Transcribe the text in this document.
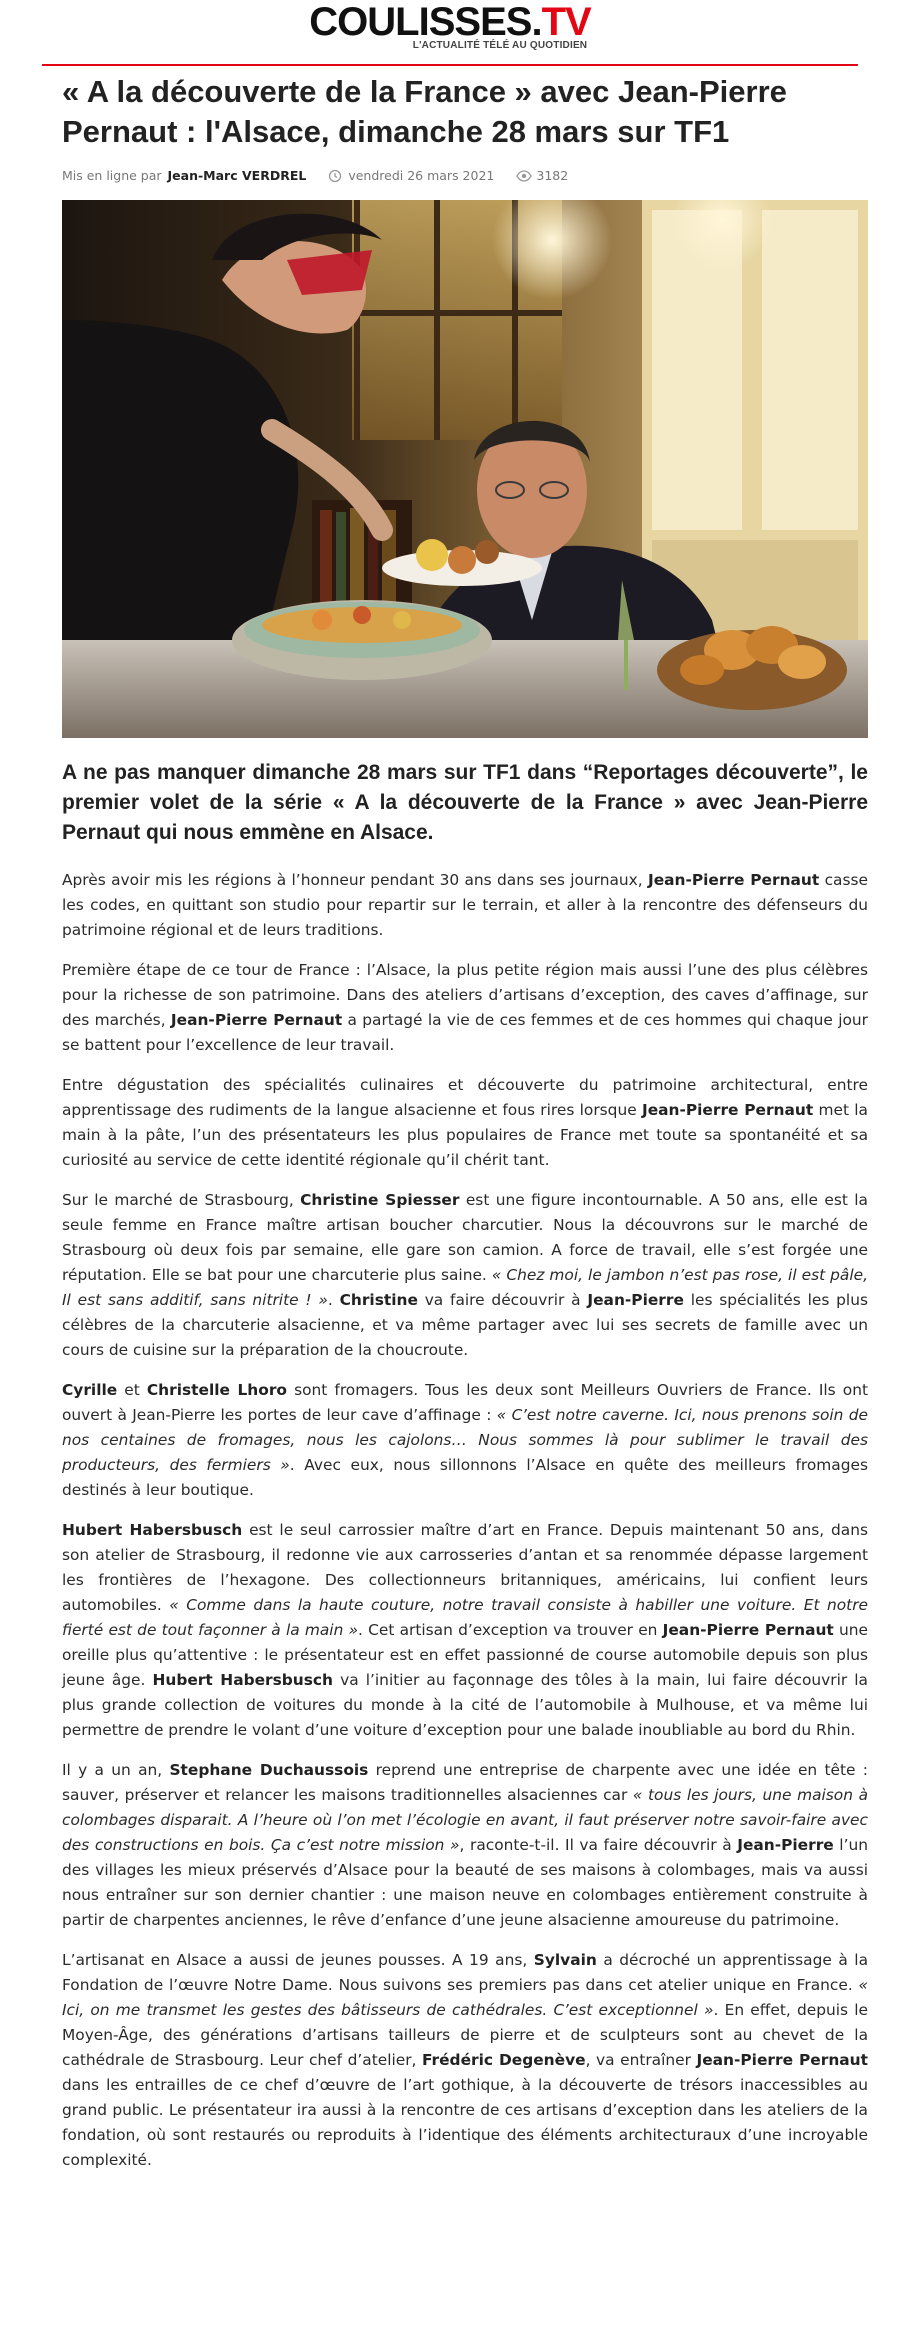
COULISSES.TV
L'ACTUALITÉ TÉLÉ AU QUOTIDIEN
« A la découverte de la France » avec Jean-Pierre Pernaut : l'Alsace, dimanche 28 mars sur TF1
Mis en ligne par Jean-Marc VERDREL	vendredi 26 mars 2021	3182

A ne pas manquer dimanche 28 mars sur TF1 dans “Reportages découverte”, le premier volet de la série « A la découverte de la France » avec Jean-Pierre Pernaut qui nous emmène en Alsace.

Après avoir mis les régions à l’honneur pendant 30 ans dans ses journaux, Jean-Pierre Pernaut casse les codes, en quittant son studio pour repartir sur le terrain, et aller à la rencontre des défenseurs du patrimoine régional et de leurs traditions.

Première étape de ce tour de France : l’Alsace, la plus petite région mais aussi l’une des plus célèbres pour la richesse de son patrimoine. Dans des ateliers d’artisans d’exception, des caves d’affinage, sur des marchés, Jean-Pierre Pernaut a partagé la vie de ces femmes et de ces hommes qui chaque jour se battent pour l’excellence de leur travail.

Entre dégustation des spécialités culinaires et découverte du patrimoine architectural, entre apprentissage des rudiments de la langue alsacienne et fous rires lorsque Jean-Pierre Pernaut met la main à la pâte, l’un des présentateurs les plus populaires de France met toute sa spontanéité et sa curiosité au service de cette identité régionale qu’il chérit tant.

Sur le marché de Strasbourg, Christine Spiesser est une figure incontournable. A 50 ans, elle est la seule femme en France maître artisan boucher charcutier. Nous la découvrons sur le marché de Strasbourg où deux fois par semaine, elle gare son camion. A force de travail, elle s’est forgée une réputation. Elle se bat pour une charcuterie plus saine. « Chez moi, le jambon n’est pas rose, il est pâle, Il est sans additif, sans nitrite ! ». Christine va faire découvrir à Jean-Pierre les spécialités les plus célèbres de la charcuterie alsacienne, et va même partager avec lui ses secrets de famille avec un cours de cuisine sur la préparation de la choucroute.

Cyrille et Christelle Lhoro sont fromagers. Tous les deux sont Meilleurs Ouvriers de France. Ils ont ouvert à Jean-Pierre les portes de leur cave d’affinage : « C’est notre caverne. Ici, nous prenons soin de nos centaines de fromages, nous les cajolons… Nous sommes là pour sublimer le travail des producteurs, des fermiers ». Avec eux, nous sillonnons l’Alsace en quête des meilleurs fromages destinés à leur boutique.

Hubert Habersbusch est le seul carrossier maître d’art en France. Depuis maintenant 50 ans, dans son atelier de Strasbourg, il redonne vie aux carrosseries d’antan et sa renommée dépasse largement les frontières de l’hexagone. Des collectionneurs britanniques, américains, lui confient leurs automobiles. « Comme dans la haute couture, notre travail consiste à habiller une voiture. Et notre fierté est de tout façonner à la main ». Cet artisan d’exception va trouver en Jean-Pierre Pernaut une oreille plus qu’attentive : le présentateur est en effet passionné de course automobile depuis son plus jeune âge. Hubert Habersbusch va l’initier au façonnage des tôles à la main, lui faire découvrir la plus grande collection de voitures du monde à la cité de l’automobile à Mulhouse, et va même lui permettre de prendre le volant d’une voiture d’exception pour une balade inoubliable au bord du Rhin.

Il y a un an, Stephane Duchaussois reprend une entreprise de charpente avec une idée en tête : sauver, préserver et relancer les maisons traditionnelles alsaciennes car « tous les jours, une maison à colombages disparait. A l’heure où l’on met l’écologie en avant, il faut préserver notre savoir-faire avec des constructions en bois. Ça c’est notre mission », raconte-t-il. Il va faire découvrir à Jean-Pierre l’un des villages les mieux préservés d’Alsace pour la beauté de ses maisons à colombages, mais va aussi nous entraîner sur son dernier chantier : une maison neuve en colombages entièrement construite à partir de charpentes anciennes, le rêve d’enfance d’une jeune alsacienne amoureuse du patrimoine.

L’artisanat en Alsace a aussi de jeunes pousses. A 19 ans, Sylvain a décroché un apprentissage à la Fondation de l’œuvre Notre Dame. Nous suivons ses premiers pas dans cet atelier unique en France. « Ici, on me transmet les gestes des bâtisseurs de cathédrales. C’est exceptionnel ». En effet, depuis le Moyen-Âge, des générations d’artisans tailleurs de pierre et de sculpteurs sont au chevet de la cathédrale de Strasbourg. Leur chef d’atelier, Frédéric Degenève, va entraîner Jean-Pierre Pernaut dans les entrailles de ce chef d’œuvre de l’art gothique, à la découverte de trésors inaccessibles au grand public. Le présentateur ira aussi à la rencontre de ces artisans d’exception dans les ateliers de la fondation, où sont restaurés ou reproduits à l’identique des éléments architecturaux d’une incroyable complexité.
